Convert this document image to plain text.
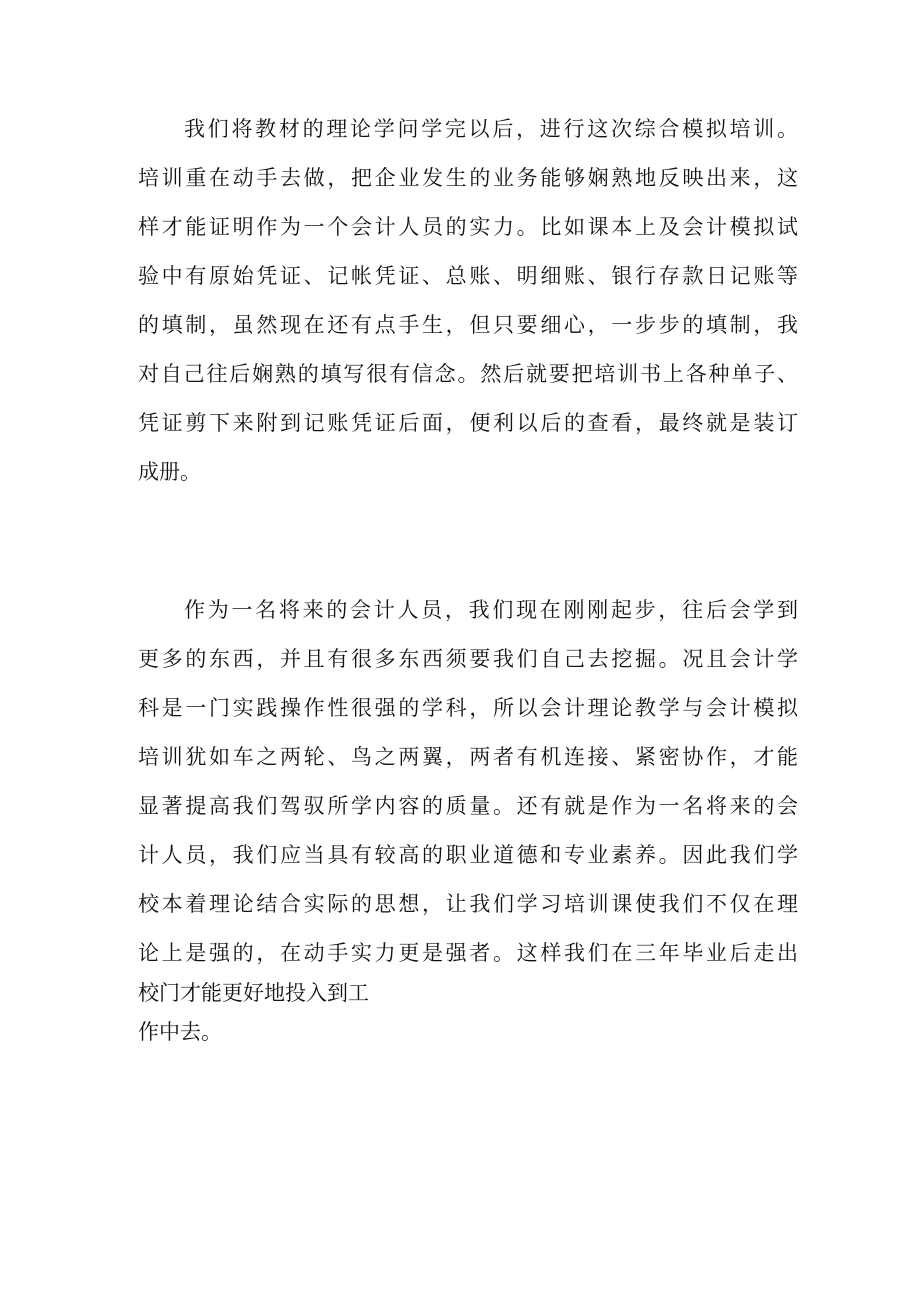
我们将教材的理论学问学完以后，进行这次综合模拟培训。
培训重在动手去做，把企业发生的业务能够娴熟地反映出来，这
样才能证明作为一个会计人员的实力。比如课本上及会计模拟试
验中有原始凭证、记帐凭证、总账、明细账、银行存款日记账等
的填制，虽然现在还有点手生，但只要细心，一步步的填制，我
对自己往后娴熟的填写很有信念。然后就要把培训书上各种单子、
凭证剪下来附到记账凭证后面，便利以后的查看，最终就是装订
成册。
作为一名将来的会计人员，我们现在刚刚起步，往后会学到
更多的东西，并且有很多东西须要我们自己去挖掘。况且会计学
科是一门实践操作性很强的学科，所以会计理论教学与会计模拟
培训犹如车之两轮、鸟之两翼，两者有机连接、紧密协作，才能
显著提高我们驾驭所学内容的质量。还有就是作为一名将来的会
计人员，我们应当具有较高的职业道德和专业素养。因此我们学
校本着理论结合实际的思想，让我们学习培训课使我们不仅在理
论上是强的，在动手实力更是强者。这样我们在三年毕业后走出
校门才能更好地投入到工
作中去。
